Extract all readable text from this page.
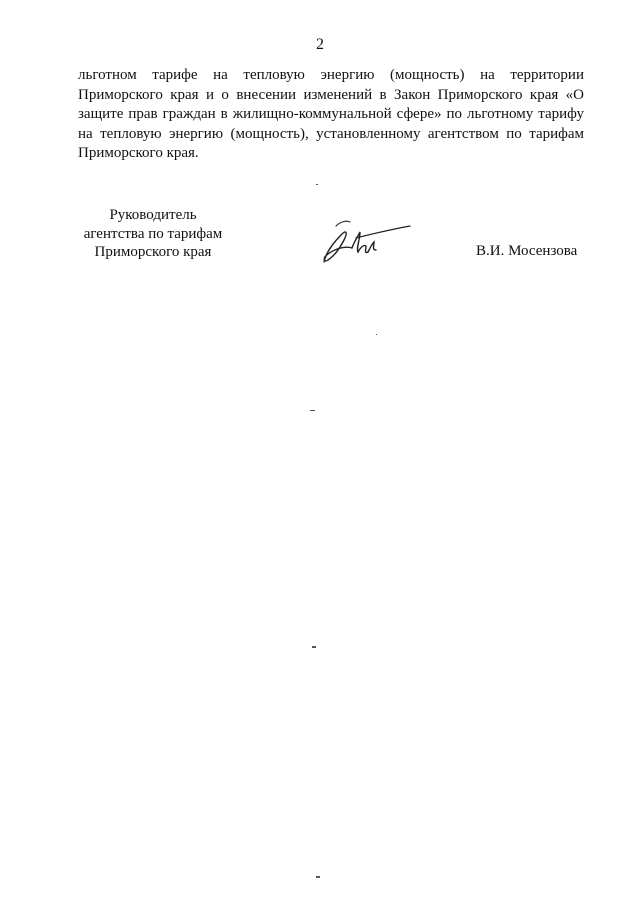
2

льготном тарифе на тепловую энергию (мощность) на территории Приморского края и о внесении изменений в Закон Приморского края «О защите прав граждан в жилищно-коммунальной сфере» по льготному тарифу на тепловую энергию (мощность), установленному агентством по тарифам Приморского края.

Руководитель
агентства по тарифам
Приморского края	В.И. Мосензова
